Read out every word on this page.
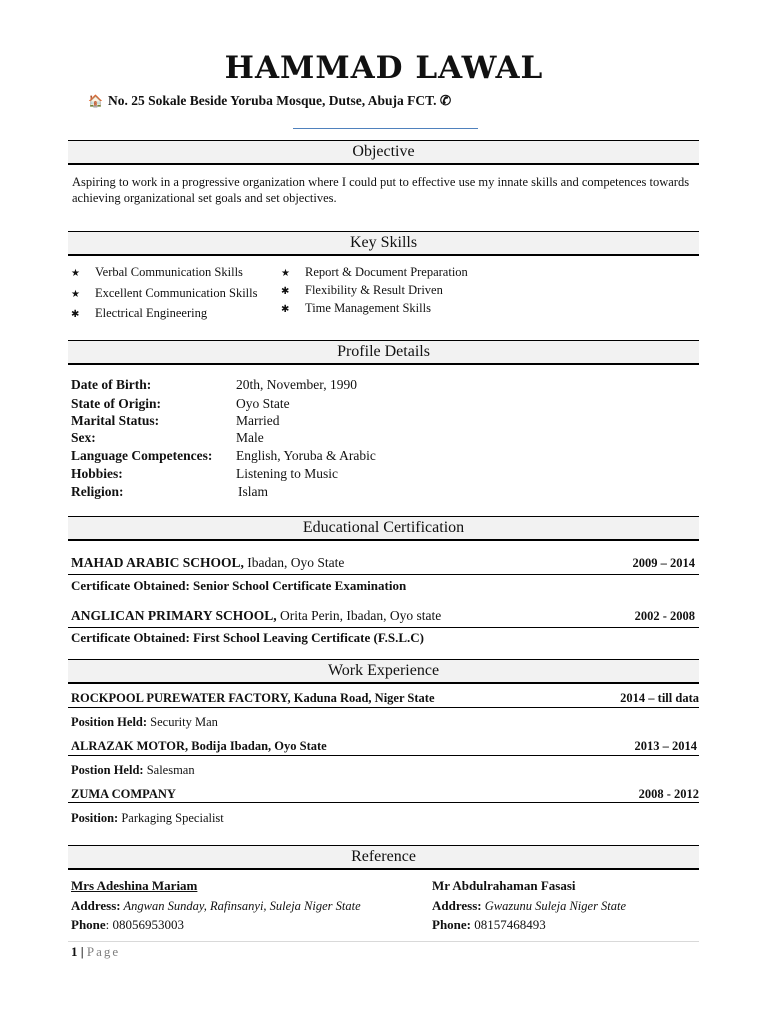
HAMMAD LAWAL
🏠 No. 25 Sokale Beside Yoruba Mosque, Dutse, Abuja FCT. ✆
Objective
Aspiring to work in a progressive organization where I could put to effective use my innate skills and competences towards achieving organizational set goals and set objectives.
Key Skills
★ Verbal Communication Skills
★ Excellent Communication Skills
✱ Electrical Engineering
★ Report & Document Preparation
✱ Flexibility & Result Driven
✱ Time Management Skills
Profile Details
Date of Birth:	20th, November, 1990
State of Origin:	Oyo State
Marital Status:	Married
Sex:	Male
Language Competences: English, Yoruba & Arabic
Hobbies:	Listening to Music
Religion:	Islam
Educational Certification
MAHAD ARABIC SCHOOL, Ibadan, Oyo State	2009 – 2014
Certificate Obtained: Senior School Certificate Examination
ANGLICAN PRIMARY SCHOOL, Orita Perin, Ibadan, Oyo state	2002 - 2008
Certificate Obtained: First School Leaving Certificate (F.S.L.C)
Work Experience
ROCKPOOL PUREWATER FACTORY, Kaduna Road, Niger State	2014 – till data
Position Held: Security Man
ALRAZAK MOTOR, Bodija Ibadan, Oyo State	2013 – 2014
Postion Held: Salesman
ZUMA COMPANY	2008 - 2012
Position: Parkaging Specialist
Reference
Mrs Adeshina Mariam
Address: Angwan Sunday, Rafinsanyi, Suleja Niger State
Phone: 08056953003
Mr Abdulrahaman Fasasi
Address: Gwazunu Suleja Niger State
Phone: 08157468493
1 | Page
